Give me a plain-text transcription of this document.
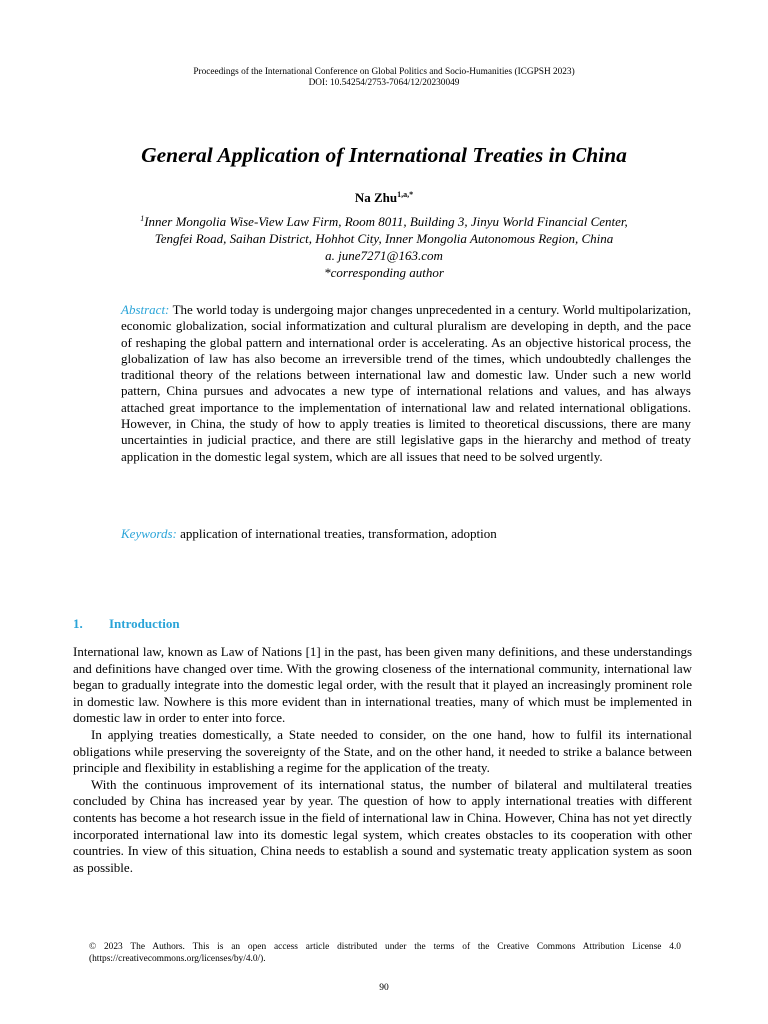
Proceedings of the International Conference on Global Politics and Socio-Humanities (ICGPSH 2023)
DOI: 10.54254/2753-7064/12/20230049
General Application of International Treaties in China
Na Zhu$^{1,a,*}$
$^1$Inner Mongolia Wise-View Law Firm, Room 8011, Building 3, Jinyu World Financial Center,
Tengfei Road, Saihan District, Hohhot City, Inner Mongolia Autonomous Region, China
a. june7271@163.com
*corresponding author

Abstract: The world today is undergoing major changes unprecedented in a century. World multipolarization, economic globalization, social informatization and cultural pluralism are developing in depth, and the pace of reshaping the global pattern and international order is accelerating. As an objective historical process, the globalization of law has also become an irreversible trend of the times, which undoubtedly challenges the traditional theory of the relations between international law and domestic law. Under such a new world pattern, China pursues and advocates a new type of international relations and values, and has always attached great importance to the implementation of international law and related international obligations. However, in China, the study of how to apply treaties is limited to theoretical discussions, there are many uncertainties in judicial practice, and there are still legislative gaps in the hierarchy and method of treaty application in the domestic legal system, which are all issues that need to be solved urgently.

Keywords: application of international treaties, transformation, adoption
1. Introduction

International law, known as Law of Nations [1] in the past, has been given many definitions, and these understandings and definitions have changed over time. With the growing closeness of the international community, international law began to gradually integrate into the domestic legal order, with the result that it played an increasingly prominent role in domestic law. Nowhere is this more evident than in international treaties, many of which must be implemented in domestic law in order to enter into force.

In applying treaties domestically, a State needed to consider, on the one hand, how to fulfil its international obligations while preserving the sovereignty of the State, and on the other hand, it needed to strike a balance between principle and flexibility in establishing a regime for the application of the treaty.

With the continuous improvement of its international status, the number of bilateral and multilateral treaties concluded by China has increased year by year. The question of how to apply international treaties with different contents has become a hot research issue in the field of international law in China. However, China has not yet directly incorporated international law into its domestic legal system, which creates obstacles to its cooperation with other countries. In view of this situation, China needs to establish a sound and systematic treaty application system as soon as possible.

© 2023 The Authors. This is an open access article distributed under the terms of the Creative Commons Attribution License 4.0 (https://creativecommons.org/licenses/by/4.0/).
90
